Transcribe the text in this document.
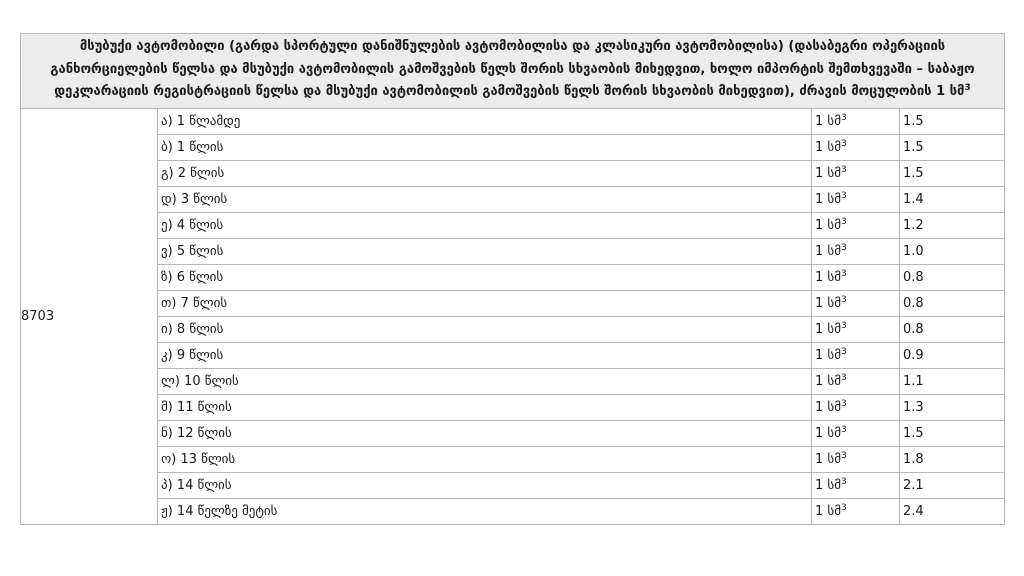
მსუბუქი ავტომობილი (გარდა სპორტული დანიშნულების ავტომობილისა და კლასიკური ავტომობილისა) (დასაბეგრი ოპერაციის განხორციელების წელსა და მსუბუქი ავტომობილის გამოშვების წელს შორის სხვაობის მიხედვით, ხოლო იმპორტის შემთხვევაში – საბაჟო დეკლარაციის რეგისტრაციის წელსა და მსუბუქი ავტომობილის გამოშვების წელს შორის სხვაობის მიხედვით), ძრავის მოცულობის 1 სმ$^3$
8703	ა) 1 წლამდე	1 სმ$^3$	1.5
	ბ) 1 წლის	1 სმ$^3$	1.5
	გ) 2 წლის	1 სმ$^3$	1.5
	დ) 3 წლის	1 სმ$^3$	1.4
	ე) 4 წლის	1 სმ$^3$	1.2
	ვ) 5 წლის	1 სმ$^3$	1.0
	ზ) 6 წლის	1 სმ$^3$	0.8
	თ) 7 წლის	1 სმ$^3$	0.8
	ი) 8 წლის	1 სმ$^3$	0.8
	კ) 9 წლის	1 სმ$^3$	0.9
	ლ) 10 წლის	1 სმ$^3$	1.1
	მ) 11 წლის	1 სმ$^3$	1.3
	ნ) 12 წლის	1 სმ$^3$	1.5
	ო) 13 წლის	1 სმ$^3$	1.8
	პ) 14 წლის	1 სმ$^3$	2.1
	ჟ) 14 წელზე მეტის	1 სმ$^3$	2.4
